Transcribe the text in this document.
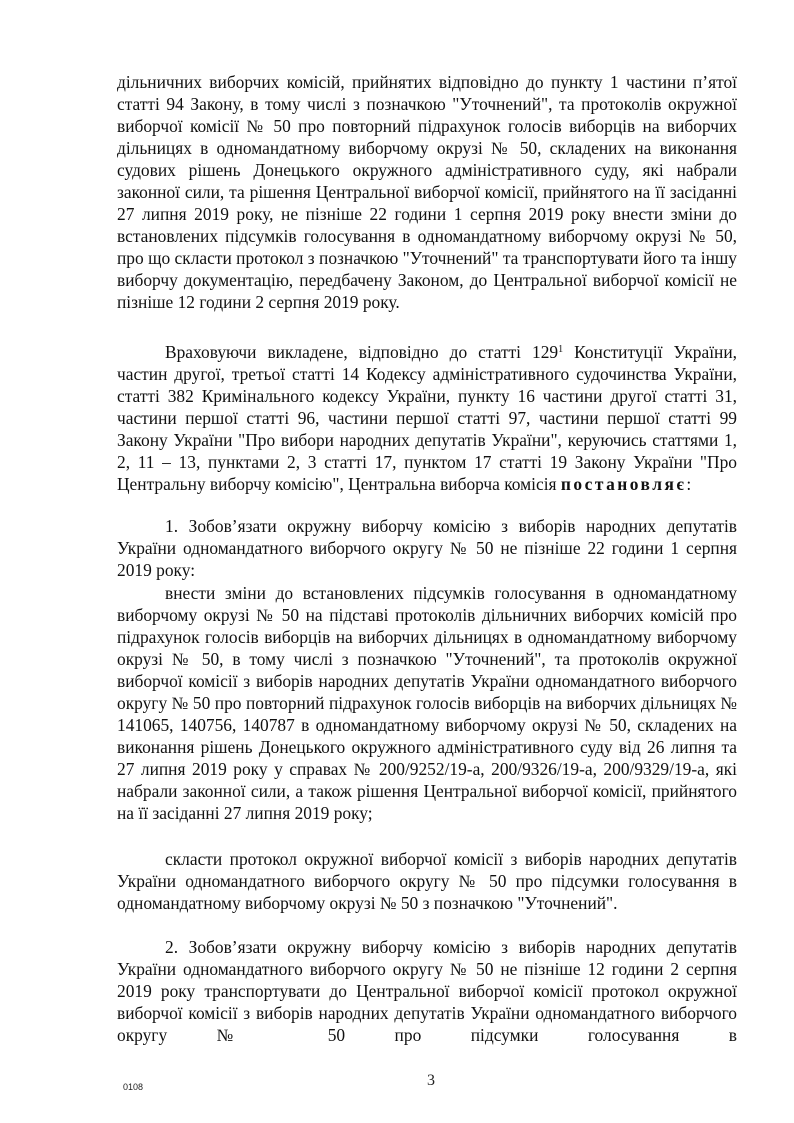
дільничних виборчих комісій, прийнятих відповідно до пункту 1 частини п’ятої статті 94 Закону, в тому числі з позначкою "Уточнений", та протоколів окружної виборчої комісії № 50 про повторний підрахунок голосів виборців на виборчих дільницях в одномандатному виборчому окрузі № 50, складених на виконання судових рішень Донецького окружного адміністративного суду, які набрали законної сили, та рішення Центральної виборчої комісії, прийнятого на її засіданні 27 липня 2019 року, не пізніше 22 години 1 серпня 2019 року внести зміни до встановлених підсумків голосування в одномандатному виборчому окрузі № 50, про що скласти протокол з позначкою "Уточнений" та транспортувати його та іншу виборчу документацію, передбачену Законом, до Центральної виборчої комісії не пізніше 12 години 2 серпня 2019 року.

Враховуючи викладене, відповідно до статті $129^1$ Конституції України, частин другої, третьої статті 14 Кодексу адміністративного судочинства України, статті 382 Кримінального кодексу України, пункту 16 частини другої статті 31, частини першої статті 96, частини першої статті 97, частини першої статті 99 Закону України "Про вибори народних депутатів України", керуючись статтями 1, 2, 11 – 13, пунктами 2, 3 статті 17, пунктом 17 статті 19 Закону України "Про Центральну виборчу комісію", Центральна виборча комісія постановляє:

1. Зобов’язати окружну виборчу комісію з виборів народних депутатів України одномандатного виборчого округу № 50 не пізніше 22 години 1 серпня 2019 року:

внести зміни до встановлених підсумків голосування в одномандатному виборчому окрузі № 50 на підставі протоколів дільничних виборчих комісій про підрахунок голосів виборців на виборчих дільницях в одномандатному виборчому окрузі № 50, в тому числі з позначкою "Уточнений", та протоколів окружної виборчої комісії з виборів народних депутатів України одномандатного виборчого округу № 50 про повторний підрахунок голосів виборців на виборчих дільницях № 141065, 140756, 140787 в одномандатному виборчому окрузі № 50, складених на виконання рішень Донецького окружного адміністративного суду від 26 липня та 27 липня 2019 року у справах № 200/9252/19-а, 200/9326/19-а, 200/9329/19-а, які набрали законної сили, а також рішення Центральної виборчої комісії, прийнятого на її засіданні 27 липня 2019 року;

скласти протокол окружної виборчої комісії з виборів народних депутатів України одномандатного виборчого округу № 50 про підсумки голосування в одномандатному виборчому окрузі № 50 з позначкою "Уточнений".

2. Зобов’язати окружну виборчу комісію з виборів народних депутатів України одномандатного виборчого округу № 50 не пізніше 12 години 2 серпня 2019 року транспортувати до Центральної виборчої комісії протокол окружної виборчої комісії з виборів народних депутатів України одномандатного виборчого округу № 50 про підсумки голосування в

0108	3
